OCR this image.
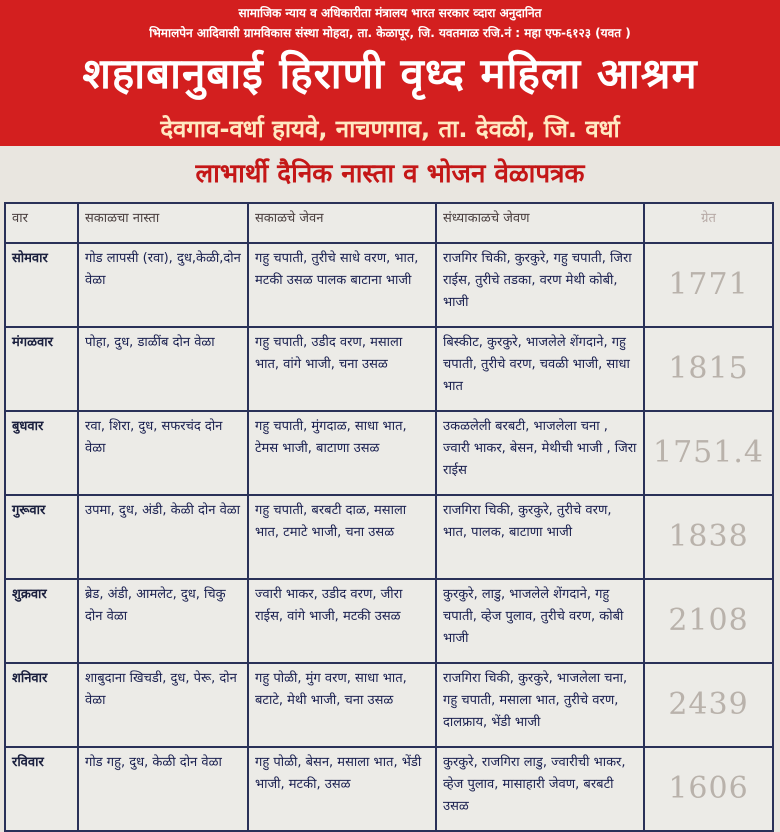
सामाजिक न्याय व अधिकारीता मंत्रालय भारत सरकार व्दारा अनुदानित
भिमालपेन आदिवासी ग्रामविकास संस्था मोहदा, ता. केळापूर, जि. यवतमाळ रजि.नं : महा एफ-६१२३ (यवत )
शहाबानुबाई हिराणी वृध्द महिला आश्रम
देवगाव-वर्धा हायवे, नाचणगाव, ता. देवळी, जि. वर्धा
लाभार्थी दैनिक नास्ता व भोजन वेळापत्रक
वार	सकाळचा नास्ता	सकाळचे जेवन	संध्याकाळचे जेवण	ग्रेत
सोमवार	गोड लापसी (रवा), दुध,केळी,दोन वेळा	गहु चपाती, तुरीचे साधे वरण, भात, मटकी उसळ पालक बाटाना भाजी	राजगिर चिकी, कुरकुरे, गहु चपाती, जिरा राईस, तुरीचे तडका, वरण मेथी कोबी, भाजी	1771
मंगळवार	पोहा, दुध, डाळींब दोन वेळा	गहु चपाती, उडीद वरण, मसाला भात, वांगे भाजी, चना उसळ	बिस्कीट, कुरकुरे, भाजलेले शेंगदाने, गहु चपाती, तुरीचे वरण, चवळी भाजी, साधा भात	1815
बुधवार	रवा, शिरा, दुध, सफरचंद दोन वेळा	गहु चपाती, मुंगदाळ, साधा भात, टेमस भाजी, बाटाणा उसळ	उकळलेली बरबटी, भाजलेला चना , ज्वारी भाकर, बेसन, मेथीची भाजी , जिरा राईस	1751.4
गुरूवार	उपमा, दुध, अंडी, केळी दोन वेळा	गहु चपाती, बरबटी दाळ, मसाला भात, टमाटे भाजी, चना उसळ	राजगिरा चिकी, कुरकुरे, तुरीचे वरण, भात, पालक, बाटाणा भाजी	1838
शुक्रवार	ब्रेड, अंडी, आमलेट, दुध, चिकु दोन वेळा	ज्वारी भाकर, उडीद वरण, जीरा राईस, वांगे भाजी, मटकी उसळ	कुरकुरे, लाडु, भाजलेले शेंगदाने, गहु चपाती, व्हेज पुलाव, तुरीचे वरण, कोबी भाजी	2108
शनिवार	शाबुदाना खिचडी, दुध, पेरू, दोन वेळा	गहु पोळी, मुंग वरण, साधा भात, बटाटे, मेथी भाजी, चना उसळ	राजगिरा चिकी, कुरकुरे, भाजलेला चना, गहु चपाती, मसाला भात, तुरीचे वरण, दालफ्राय, भेंडी भाजी	2439
रविवार	गोड गहु, दुध, केळी दोन वेळा	गहु पोळी, बेसन, मसाला भात, भेंडी भाजी, मटकी, उसळ	कुरकुरे, राजगिरा लाडु, ज्वारीची भाकर, व्हेज पुलाव, मासाहारी जेवण, बरबटी उसळ	1606
